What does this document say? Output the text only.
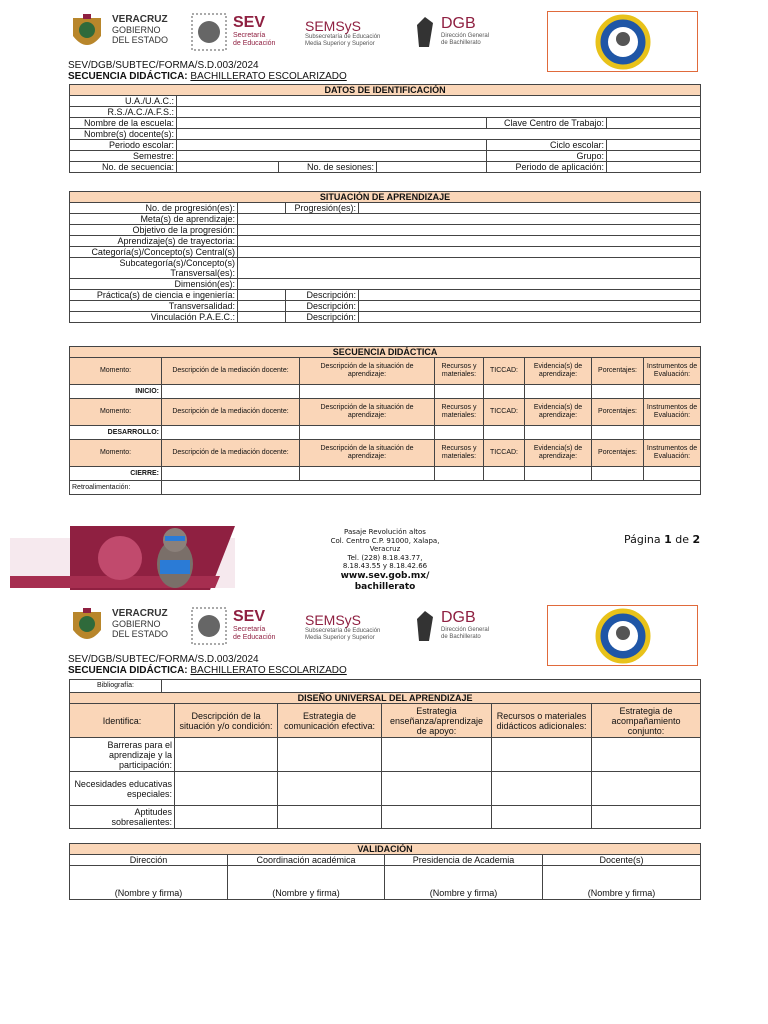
VERACRUZ
GOBIERNO
DEL ESTADO
SEV
Secretaría
de Educación
SEMSyS
Subsecretaría de Educación
Media Superior y Superior
DGB
Dirección General
de Bachillerato
SEV/DGB/SUBTEC/FORMA/S.D.003/2024
SECUENCIA DIDÁCTICA: BACHILLERATO ESCOLARIZADO
DATOS DE IDENTIFICACIÓN					
U.A./U.A.C.:					
R.S./A.C./A.F.S.:					
Nombre de la escuela:				Clave Centro de Trabajo:	
Nombre(s) docente(s):					
Periodo escolar:				Ciclo escolar:	
Semestre:				Grupo:	
No. de secuencia:		No. de sesiones:		Periodo de aplicación:	
SITUACIÓN DE APRENDIZAJE			
No. de progresión(es):		Progresión(es):	
Meta(s) de aprendizaje:			
Objetivo de la progresión:			
Aprendizaje(s) de trayectoria:			
Categoría(s)/Concepto(s) Central(s)			

Subcategoría(s)/Concepto(s)
Transversal(es):			

Dimensión(es):			
Práctica(s) de ciencia e ingeniería:		Descripción:	
Transversalidad:		Descripción:	
Vinculación P.A.E.C.:		Descripción:	
SECUENCIA DIDÁCTICA							
Momento:	Descripción de la mediación docente:	Descripción de la situación de aprendizaje:	Recursos y materiales:	TICCAD:	Evidencia(s) de aprendizaje:	Porcentajes:	Instrumentos de Evaluación:
INICIO:							
Momento:	Descripción de la mediación docente:	Descripción de la situación de aprendizaje:	Recursos y materiales:	TICCAD:	Evidencia(s) de aprendizaje:	Porcentajes:	Instrumentos de Evaluación:
DESARROLLO:							
Momento:	Descripción de la mediación docente:	Descripción de la situación de aprendizaje:	Recursos y materiales:	TICCAD:	Evidencia(s) de aprendizaje:	Porcentajes:	Instrumentos de Evaluación:
CIERRE:							
Retroalimentación:							
Pasaje Revolución altos
Col. Centro C.P. 91000, Xalapa,
Veracruz
Tel. (228) 8.18.43.77,
8.18.43.55 y 8.18.42.66
www.sev.gob.mx/
bachillerato
Página 1 de 2
VERACRUZ
GOBIERNO
DEL ESTADO
SEV
Secretaría
de Educación
SEMSyS
Subsecretaría de Educación
Media Superior y Superior
DGB
Dirección General
de Bachillerato
SEV/DGB/SUBTEC/FORMA/S.D.003/2024
SECUENCIA DIDÁCTICA: BACHILLERATO ESCOLARIZADO
Bibliografía:	
DISEÑO UNIVERSAL DEL APRENDIZAJE					
Identifica:	Descripción de la situación y/o condición:	Estrategia de comunicación efectiva:	Estrategia enseñanza/aprendizaje de apoyo:	Recursos o materiales didácticos adicionales:	Estrategia de acompañamiento conjunto:
Barreras para el aprendizaje y la participación:					
Necesidades educativas especiales:					
Aptitudes sobresalientes:					
VALIDACIÓN			
Dirección	Coordinación académica	Presidencia de Academia	Docente(s)
(Nombre y firma)	(Nombre y firma)	(Nombre y firma)	(Nombre y firma)
